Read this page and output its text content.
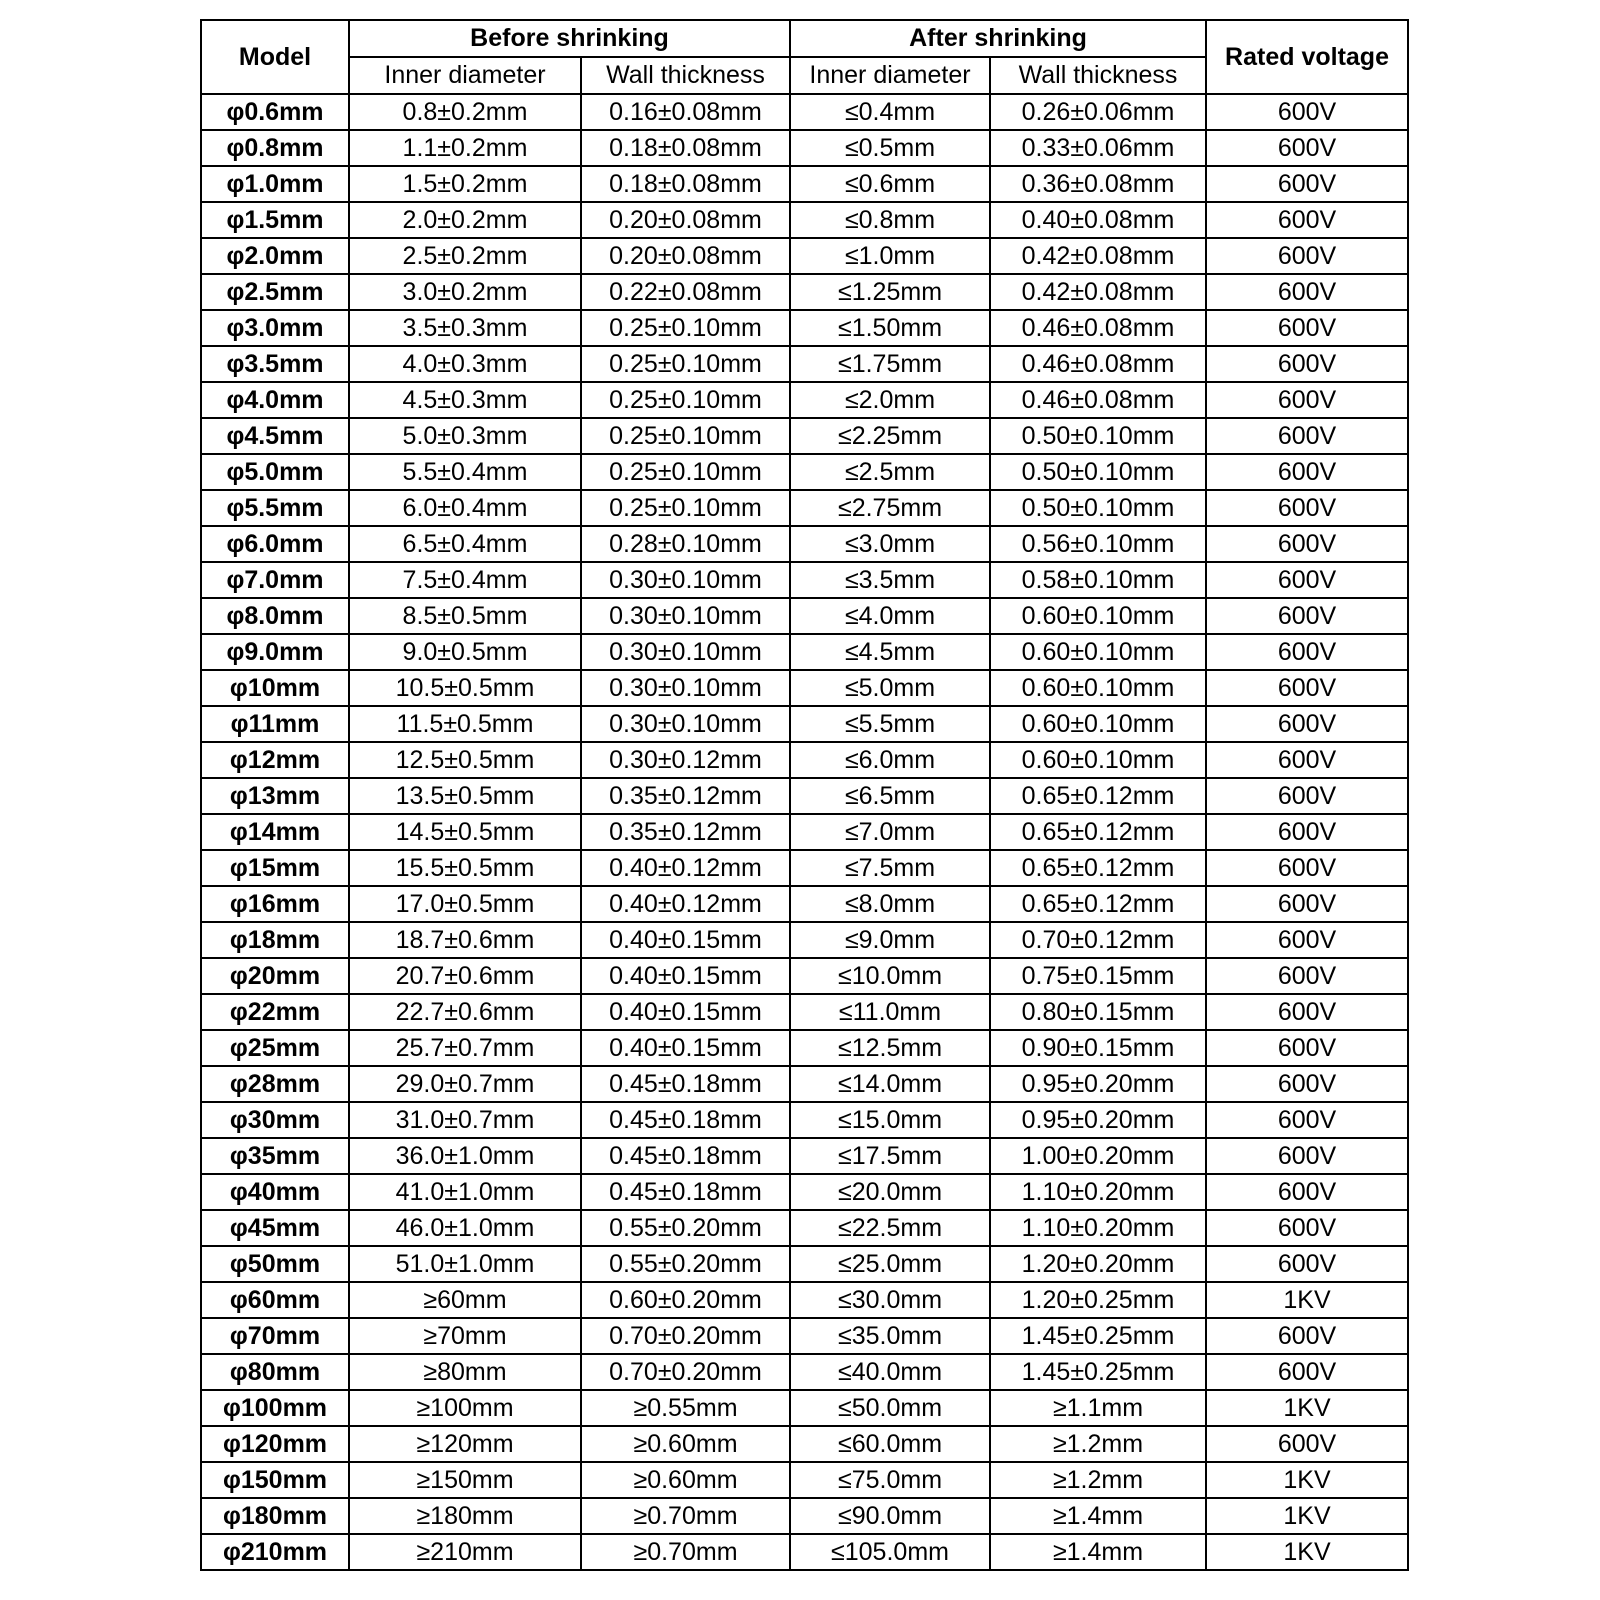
Model	Before shrinking		After shrinking		Rated voltage
	Inner diameter	Wall thickness	Inner diameter	Wall thickness	
φ0.6mm	0.8±0.2mm	0.16±0.08mm	≤0.4mm	0.26±0.06mm	600V
φ0.8mm	1.1±0.2mm	0.18±0.08mm	≤0.5mm	0.33±0.06mm	600V
φ1.0mm	1.5±0.2mm	0.18±0.08mm	≤0.6mm	0.36±0.08mm	600V
φ1.5mm	2.0±0.2mm	0.20±0.08mm	≤0.8mm	0.40±0.08mm	600V
φ2.0mm	2.5±0.2mm	0.20±0.08mm	≤1.0mm	0.42±0.08mm	600V
φ2.5mm	3.0±0.2mm	0.22±0.08mm	≤1.25mm	0.42±0.08mm	600V
φ3.0mm	3.5±0.3mm	0.25±0.10mm	≤1.50mm	0.46±0.08mm	600V
φ3.5mm	4.0±0.3mm	0.25±0.10mm	≤1.75mm	0.46±0.08mm	600V
φ4.0mm	4.5±0.3mm	0.25±0.10mm	≤2.0mm	0.46±0.08mm	600V
φ4.5mm	5.0±0.3mm	0.25±0.10mm	≤2.25mm	0.50±0.10mm	600V
φ5.0mm	5.5±0.4mm	0.25±0.10mm	≤2.5mm	0.50±0.10mm	600V
φ5.5mm	6.0±0.4mm	0.25±0.10mm	≤2.75mm	0.50±0.10mm	600V
φ6.0mm	6.5±0.4mm	0.28±0.10mm	≤3.0mm	0.56±0.10mm	600V
φ7.0mm	7.5±0.4mm	0.30±0.10mm	≤3.5mm	0.58±0.10mm	600V
φ8.0mm	8.5±0.5mm	0.30±0.10mm	≤4.0mm	0.60±0.10mm	600V
φ9.0mm	9.0±0.5mm	0.30±0.10mm	≤4.5mm	0.60±0.10mm	600V
φ10mm	10.5±0.5mm	0.30±0.10mm	≤5.0mm	0.60±0.10mm	600V
φ11mm	11.5±0.5mm	0.30±0.10mm	≤5.5mm	0.60±0.10mm	600V
φ12mm	12.5±0.5mm	0.30±0.12mm	≤6.0mm	0.60±0.10mm	600V
φ13mm	13.5±0.5mm	0.35±0.12mm	≤6.5mm	0.65±0.12mm	600V
φ14mm	14.5±0.5mm	0.35±0.12mm	≤7.0mm	0.65±0.12mm	600V
φ15mm	15.5±0.5mm	0.40±0.12mm	≤7.5mm	0.65±0.12mm	600V
φ16mm	17.0±0.5mm	0.40±0.12mm	≤8.0mm	0.65±0.12mm	600V
φ18mm	18.7±0.6mm	0.40±0.15mm	≤9.0mm	0.70±0.12mm	600V
φ20mm	20.7±0.6mm	0.40±0.15mm	≤10.0mm	0.75±0.15mm	600V
φ22mm	22.7±0.6mm	0.40±0.15mm	≤11.0mm	0.80±0.15mm	600V
φ25mm	25.7±0.7mm	0.40±0.15mm	≤12.5mm	0.90±0.15mm	600V
φ28mm	29.0±0.7mm	0.45±0.18mm	≤14.0mm	0.95±0.20mm	600V
φ30mm	31.0±0.7mm	0.45±0.18mm	≤15.0mm	0.95±0.20mm	600V
φ35mm	36.0±1.0mm	0.45±0.18mm	≤17.5mm	1.00±0.20mm	600V
φ40mm	41.0±1.0mm	0.45±0.18mm	≤20.0mm	1.10±0.20mm	600V
φ45mm	46.0±1.0mm	0.55±0.20mm	≤22.5mm	1.10±0.20mm	600V
φ50mm	51.0±1.0mm	0.55±0.20mm	≤25.0mm	1.20±0.20mm	600V
φ60mm	≥60mm	0.60±0.20mm	≤30.0mm	1.20±0.25mm	1KV
φ70mm	≥70mm	0.70±0.20mm	≤35.0mm	1.45±0.25mm	600V
φ80mm	≥80mm	0.70±0.20mm	≤40.0mm	1.45±0.25mm	600V
φ100mm	≥100mm	≥0.55mm	≤50.0mm	≥1.1mm	1KV
φ120mm	≥120mm	≥0.60mm	≤60.0mm	≥1.2mm	600V
φ150mm	≥150mm	≥0.60mm	≤75.0mm	≥1.2mm	1KV
φ180mm	≥180mm	≥0.70mm	≤90.0mm	≥1.4mm	1KV
φ210mm	≥210mm	≥0.70mm	≤105.0mm	≥1.4mm	1KV
